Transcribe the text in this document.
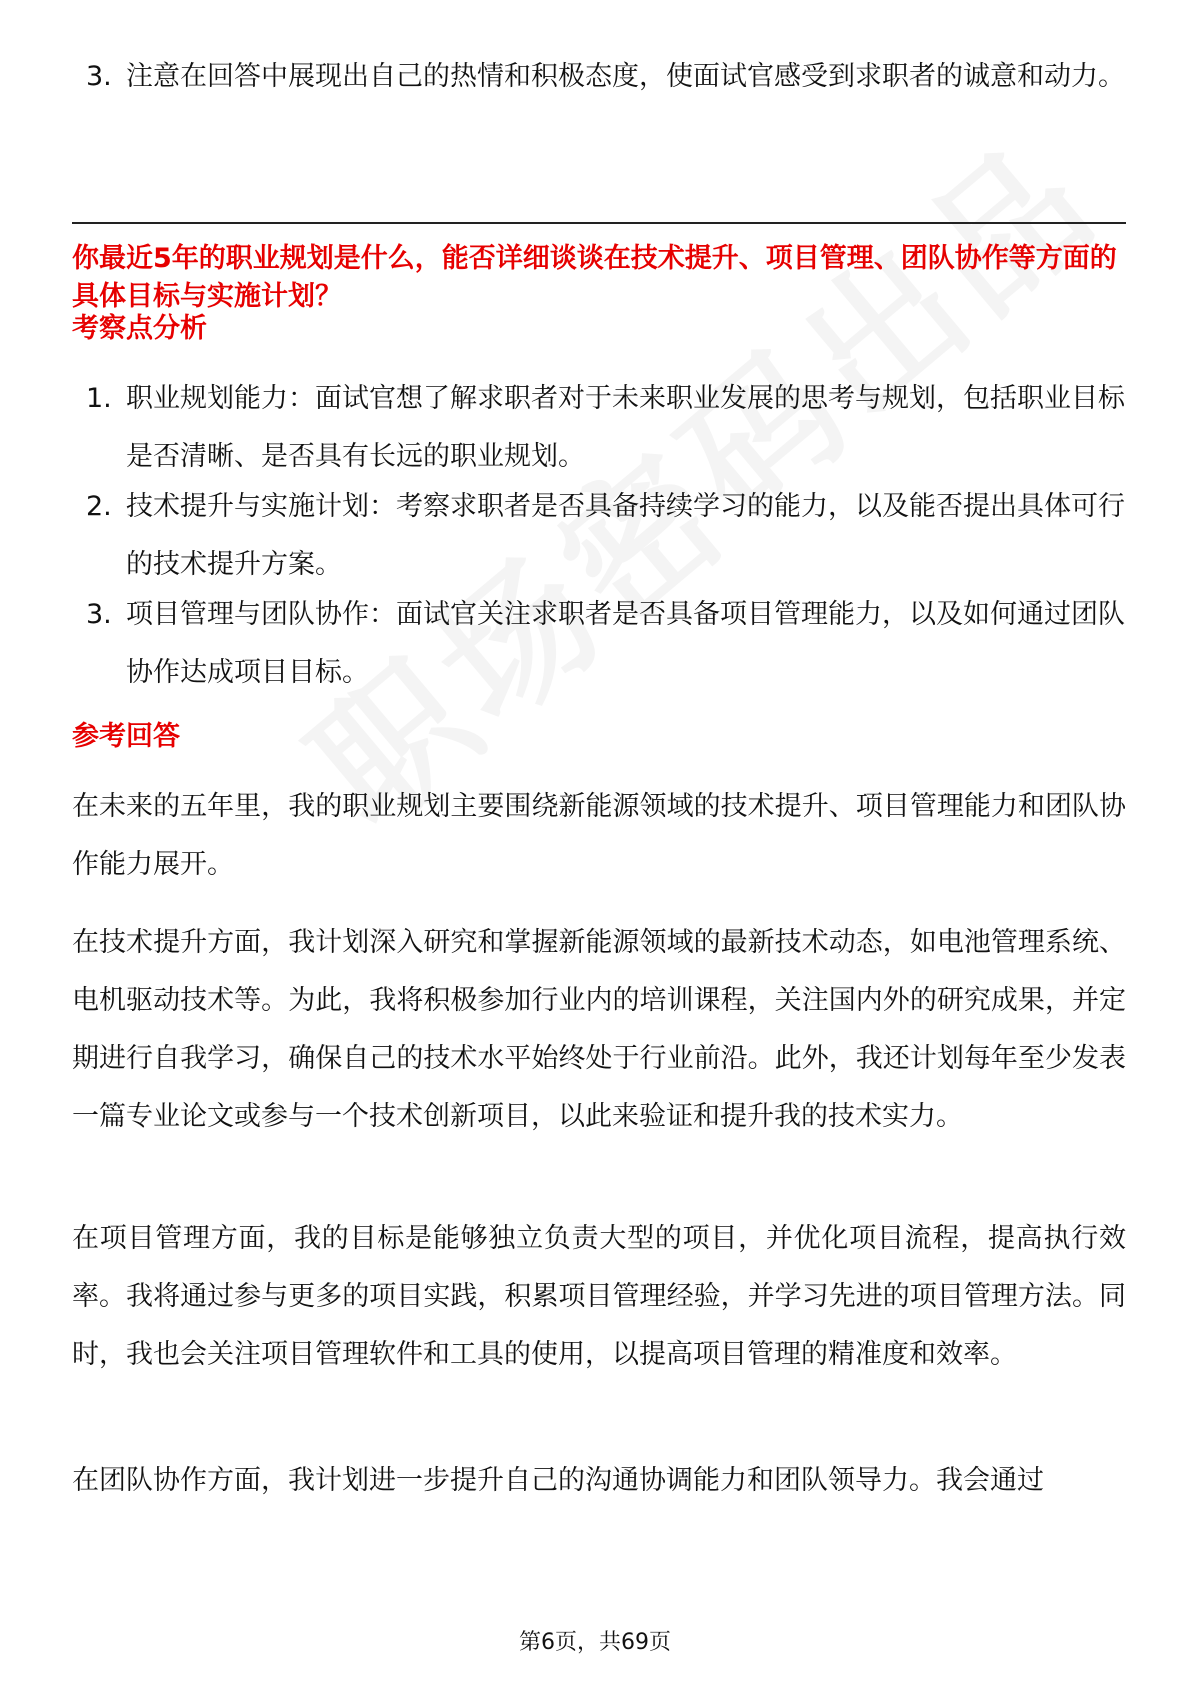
3. 注意在回答中展现出自己的热情和积极态度，使面试官感受到求职者的诚意和动力。
你最近5年的职业规划是什么，能否详细谈谈在技术提升、项目管理、团队协作等方面的具体目标与实施计划？
考察点分析
1. 职业规划能力：面试官想了解求职者对于未来职业发展的思考与规划，包括职业目标是否清晰、是否具有长远的职业规划。
2. 技术提升与实施计划：考察求职者是否具备持续学习的能力，以及能否提出具体可行的技术提升方案。
3. 项目管理与团队协作：面试官关注求职者是否具备项目管理能力，以及如何通过团队协作达成项目目标。
参考回答
在未来的五年里，我的职业规划主要围绕新能源领域的技术提升、项目管理能力和团队协作能力展开。
在技术提升方面，我计划深入研究和掌握新能源领域的最新技术动态，如电池管理系统、电机驱动技术等。为此，我将积极参加行业内的培训课程，关注国内外的研究成果，并定期进行自我学习，确保自己的技术水平始终处于行业前沿。此外，我还计划每年至少发表一篇专业论文或参与一个技术创新项目，以此来验证和提升我的技术实力。
在项目管理方面，我的目标是能够独立负责大型的项目，并优化项目流程，提高执行效率。我将通过参与更多的项目实践，积累项目管理经验，并学习先进的项目管理方法。同时，我也会关注项目管理软件和工具的使用，以提高项目管理的精准度和效率。
在团队协作方面，我计划进一步提升自己的沟通协调能力和团队领导力。我会通过
第6页，共69页
